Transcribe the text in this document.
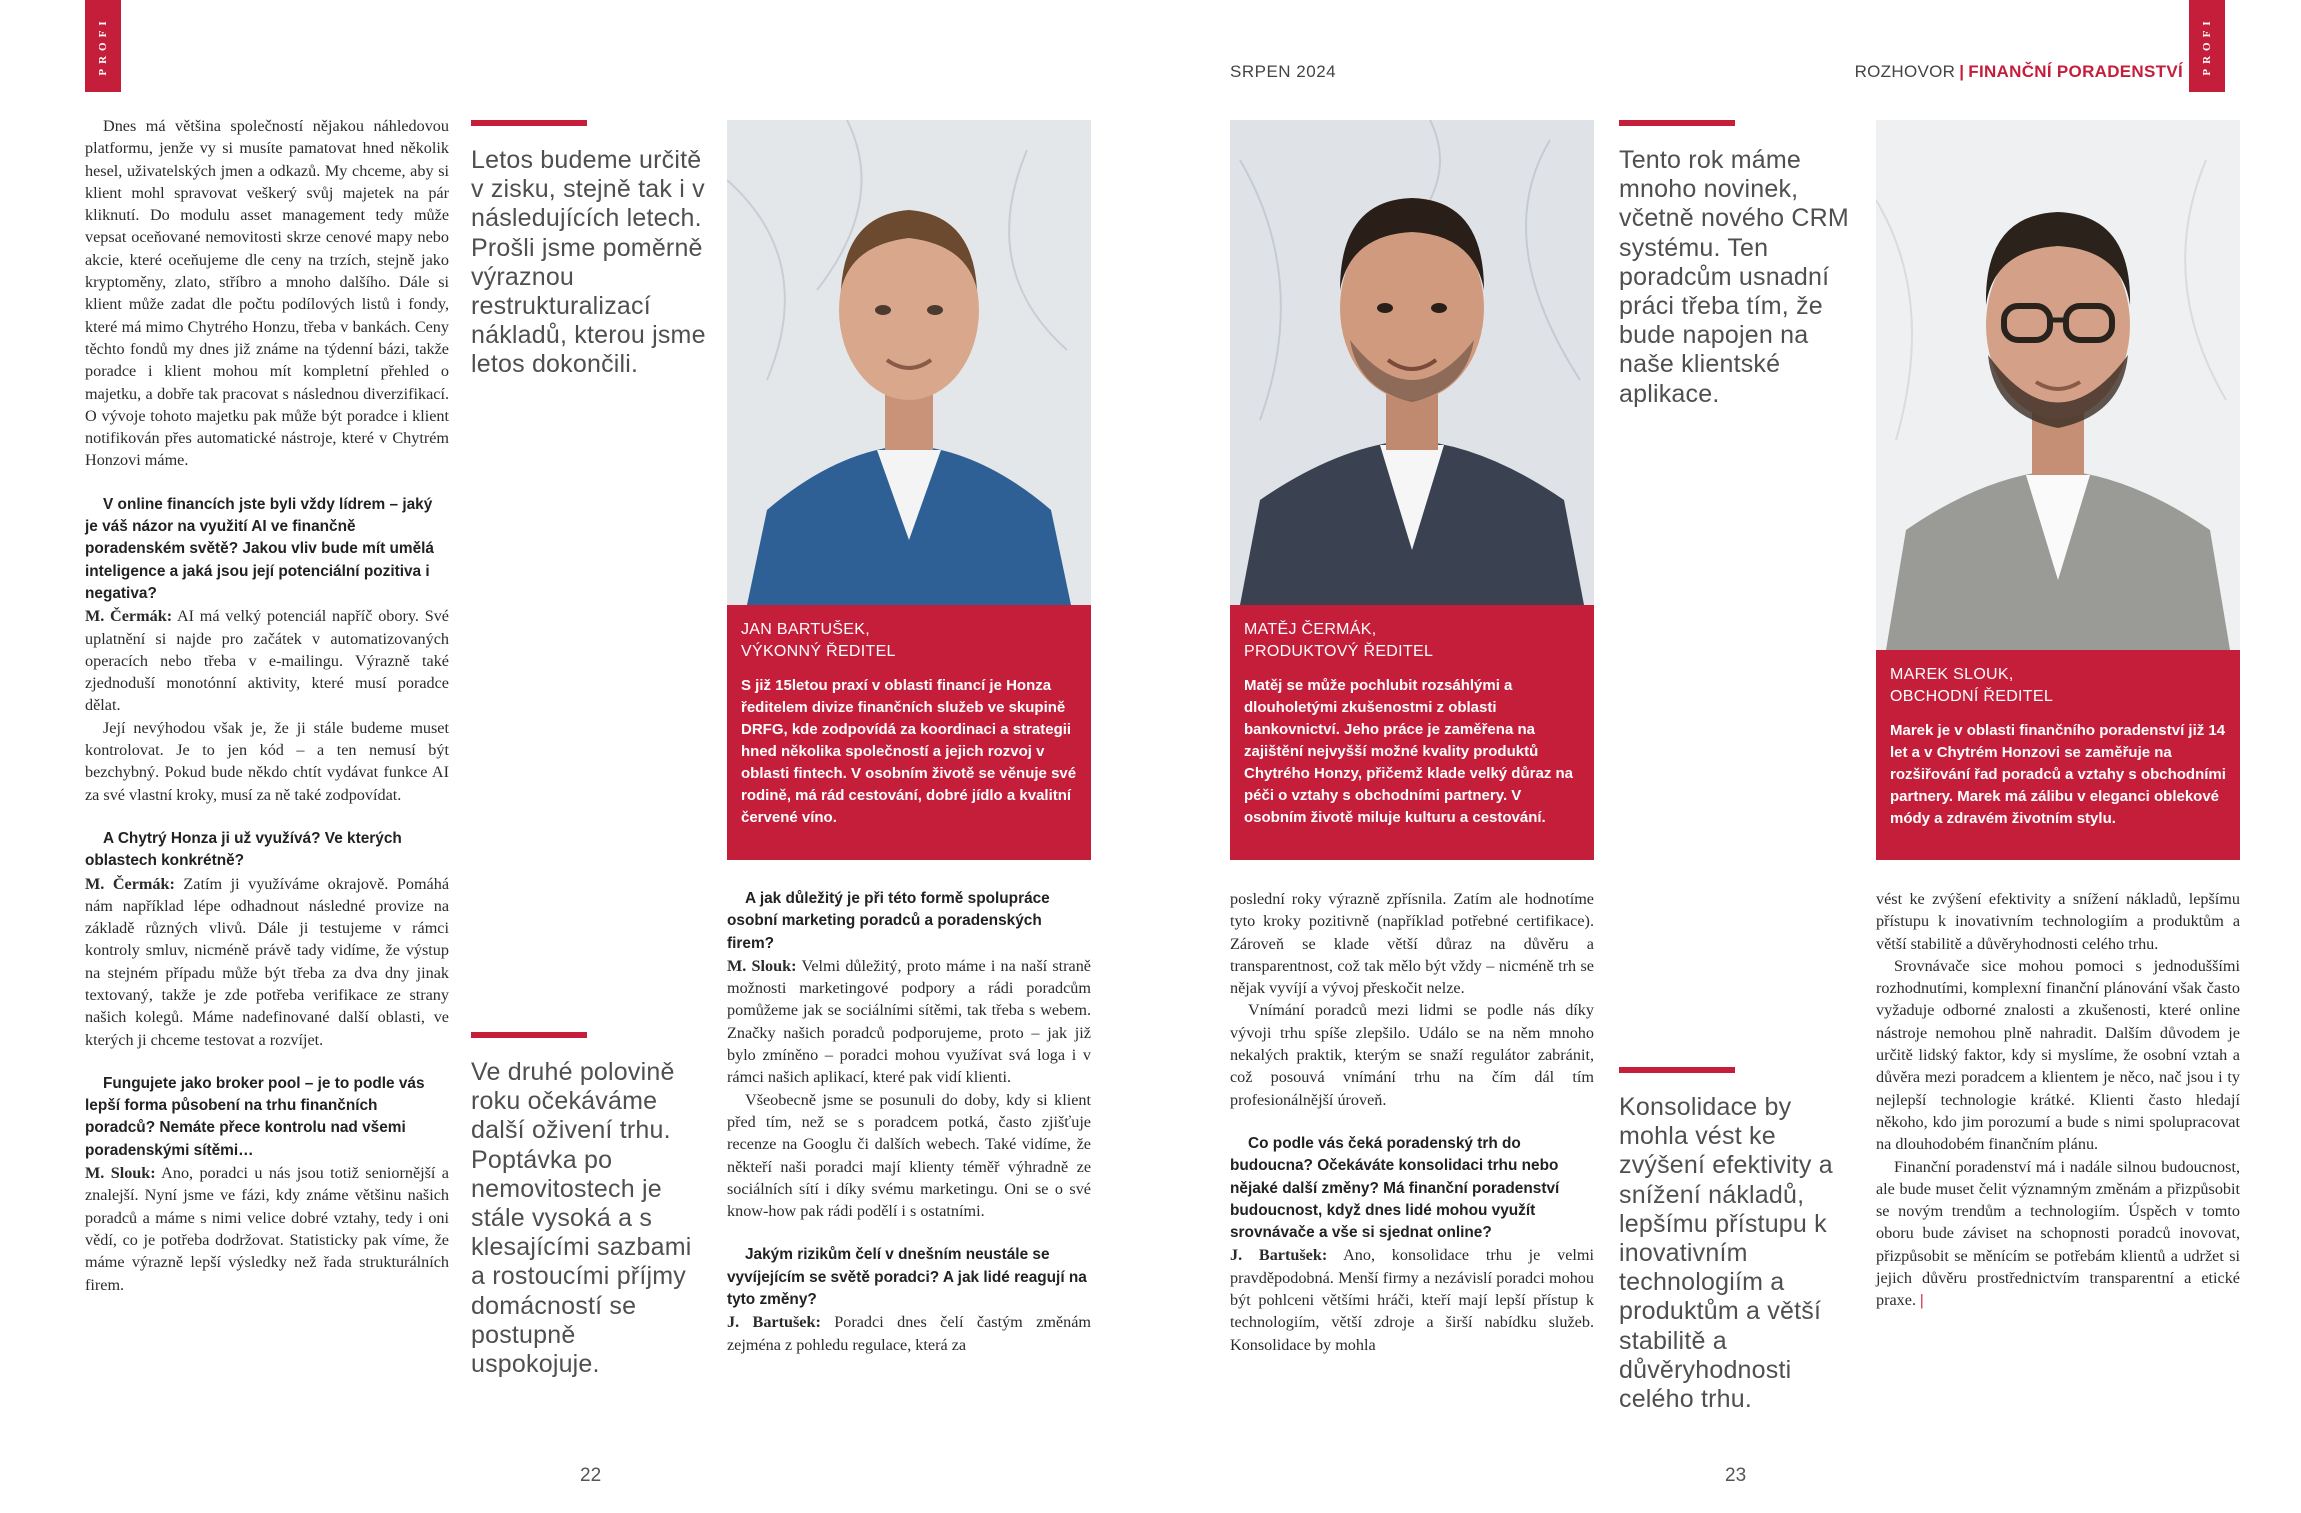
PROFI	PROFI
SRPEN 2024	ROZHOVOR | FINANČNÍ PORADENSTVÍ

Dnes má většina společností nějakou náhledovou platformu, jenže vy si musíte pamatovat hned několik hesel, uživatelských jmen a odkazů. My chceme, aby si klient mohl spravovat veškerý svůj majetek na pár kliknutí. Do modulu asset management tedy může vepsat oceňované nemovitosti skrze cenové mapy nebo akcie, které oceňujeme dle ceny na trzích, stejně jako kryptoměny, zlato, stříbro a mnoho dalšího. Dále si klient může zadat dle počtu podílových listů i fondy, které má mimo Chytrého Honzu, třeba v bankách. Ceny těchto fondů my dnes již známe na týdenní bázi, takže poradce i klient mohou mít kompletní přehled o majetku, a dobře tak pracovat s následnou diverzifikací. O vývoje tohoto majetku pak může být poradce i klient notifikován přes automatické nástroje, které v Chytrém Honzovi máme.

V online financích jste byli vždy lídrem – jaký je váš názor na využití AI ve finančně poradenském světě? Jakou vliv bude mít umělá inteligence a jaká jsou její potenciální pozitiva i negativa?

M. Čermák: AI má velký potenciál napříč obory. Své uplatnění si najde pro začátek v automatizovaných operacích nebo třeba v e-mailingu. Výrazně také zjednoduší monotónní aktivity, které musí poradce dělat.

Její nevýhodou však je, že ji stále budeme muset kontrolovat. Je to jen kód – a ten nemusí být bezchybný. Pokud bude někdo chtít vydávat funkce AI za své vlastní kroky, musí za ně také zodpovídat.

A Chytrý Honza ji už využívá? Ve kterých oblastech konkrétně?

M. Čermák: Zatím ji využíváme okrajově. Pomáhá nám například lépe odhadnout následné provize na základě různých vlivů. Dále ji testujeme v rámci kontroly smluv, nicméně právě tady vidíme, že výstup na stejném případu může být třeba za dva dny jinak textovaný, takže je zde potřeba verifikace ze strany našich kolegů. Máme nadefinované další oblasti, ve kterých ji chceme testovat a rozvíjet.

Fungujete jako broker pool – je to podle vás lepší forma působení na trhu finančních poradců? Nemáte přece kontrolu nad všemi poradenskými sítěmi…

M. Slouk: Ano, poradci u nás jsou totiž seniornější a znalejší. Nyní jsme ve fázi, kdy známe většinu našich poradců a máme s nimi velice dobré vztahy, tedy i oni vědí, co je potřeba dodržovat. Statisticky pak víme, že máme výrazně lepší výsledky než řada strukturálních firem.

Letos budeme určitě v zisku, stejně tak i v následujících letech. Prošli jsme poměrně výraznou restrukturalizací nákladů, kterou jsme letos dokončili.
Ve druhé polovině roku očekáváme další oživení trhu. Poptávka po nemovitostech je stále vysoká a s klesajícími sazbami a rostoucími příjmy domácností se postupně uspokojuje.
JAN BARTUŠEK,
VÝKONNÝ ŘEDITEL
S již 15letou praxí v oblasti financí je Honza ředitelem divize finančních služeb ve skupině DRFG, kde zodpovídá za koordinaci a strategii hned několika společností a jejich rozvoj v oblasti fintech. V osobním životě se věnuje své rodině, má rád cestování, dobré jídlo a kvalitní červené víno.

A jak důležitý je při této formě spolupráce osobní marketing poradců a poradenských firem?

M. Slouk: Velmi důležitý, proto máme i na naší straně možnosti marketingové podpory a rádi poradcům pomůžeme jak se sociálními sítěmi, tak třeba s webem. Značky našich poradců podporujeme, proto – jak již bylo zmíněno – poradci mohou využívat svá loga i v rámci našich aplikací, které pak vidí klienti.

Všeobecně jsme se posunuli do doby, kdy si klient před tím, než se s poradcem potká, často zjišťuje recenze na Googlu či dalších webech. Také vidíme, že někteří naši poradci mají klienty téměř výhradně ze sociálních sítí i díky svému marketingu. Oni se o své know-how pak rádi podělí i s ostatními.

Jakým rizikům čelí v dnešním neustále se vyvíjejícím se světě poradci? A jak lidé reagují na tyto změny?

J. Bartušek: Poradci dnes čelí častým změnám zejména z pohledu regulace, která za

MATĚJ ČERMÁK,
PRODUKTOVÝ ŘEDITEL
Matěj se může pochlubit rozsáhlými a dlouholetými zkušenostmi z oblasti bankovnictví. Jeho práce je zaměřena na zajištění nejvyšší možné kvality produktů Chytrého Honzy, přičemž klade velký důraz na péči o vztahy s obchodními partnery. V osobním životě miluje kulturu a cestování.

poslední roky výrazně zpřísnila. Zatím ale hodnotíme tyto kroky pozitivně (například potřebné certifikace). Zároveň se klade větší důraz na důvěru a transparentnost, což tak mělo být vždy – nicméně trh se nějak vyvíjí a vývoj přeskočit nelze.

Vnímání poradců mezi lidmi se podle nás díky vývoji trhu spíše zlepšilo. Událo se na něm mnoho nekalých praktik, kterým se snaží regulátor zabránit, což posouvá vnímání trhu na čím dál tím profesionálnější úroveň.

Co podle vás čeká poradenský trh do budoucna? Očekáváte konsolidaci trhu nebo nějaké další změny? Má finanční poradenství budoucnost, když dnes lidé mohou využít srovnávače a vše si sjednat online?

J. Bartušek: Ano, konsolidace trhu je velmi pravděpodobná. Menší firmy a nezávislí poradci mohou být pohlceni většími hráči, kteří mají lepší přístup k technologiím, větší zdroje a širší nabídku služeb. Konsolidace by mohla

Tento rok máme mnoho novinek, včetně nového CRM systému. Ten poradcům usnadní práci třeba tím, že bude napojen na naše klientské aplikace.
Konsolidace by mohla vést ke zvýšení efektivity a snížení nákladů, lepšímu přístupu k inovativním technologiím a produktům a větší stabilitě a důvěryhodnosti celého trhu.
MAREK SLOUK,
OBCHODNÍ ŘEDITEL
Marek je v oblasti finančního poradenství již 14 let a v Chytrém Honzovi se zaměřuje na rozšiřování řad poradců a vztahy s obchodními partnery. Marek má zálibu v eleganci oblekové módy a zdravém životním stylu.

vést ke zvýšení efektivity a snížení nákladů, lepšímu přístupu k inovativním technologiím a produktům a větší stabilitě a důvěryhodnosti celého trhu.

Srovnávače sice mohou pomoci s jednoduššími rozhodnutími, komplexní finanční plánování však často vyžaduje odborné znalosti a zkušenosti, které online nástroje nemohou plně nahradit. Dalším důvodem je určitě lidský faktor, kdy si myslíme, že osobní vztah a důvěra mezi poradcem a klientem je něco, nač jsou i ty nejlepší technologie krátké. Klienti často hledají někoho, kdo jim porozumí a bude s nimi spolupracovat na dlouhodobém finančním plánu.

Finanční poradenství má i nadále silnou budoucnost, ale bude muset čelit významným změnám a přizpůsobit se novým trendům a technologiím. Úspěch v tomto oboru bude záviset na schopnosti poradců inovovat, přizpůsobit se měnícím se potřebám klientů a udržet si jejich důvěru prostřednictvím transparentní a etické praxe. |

22	23
